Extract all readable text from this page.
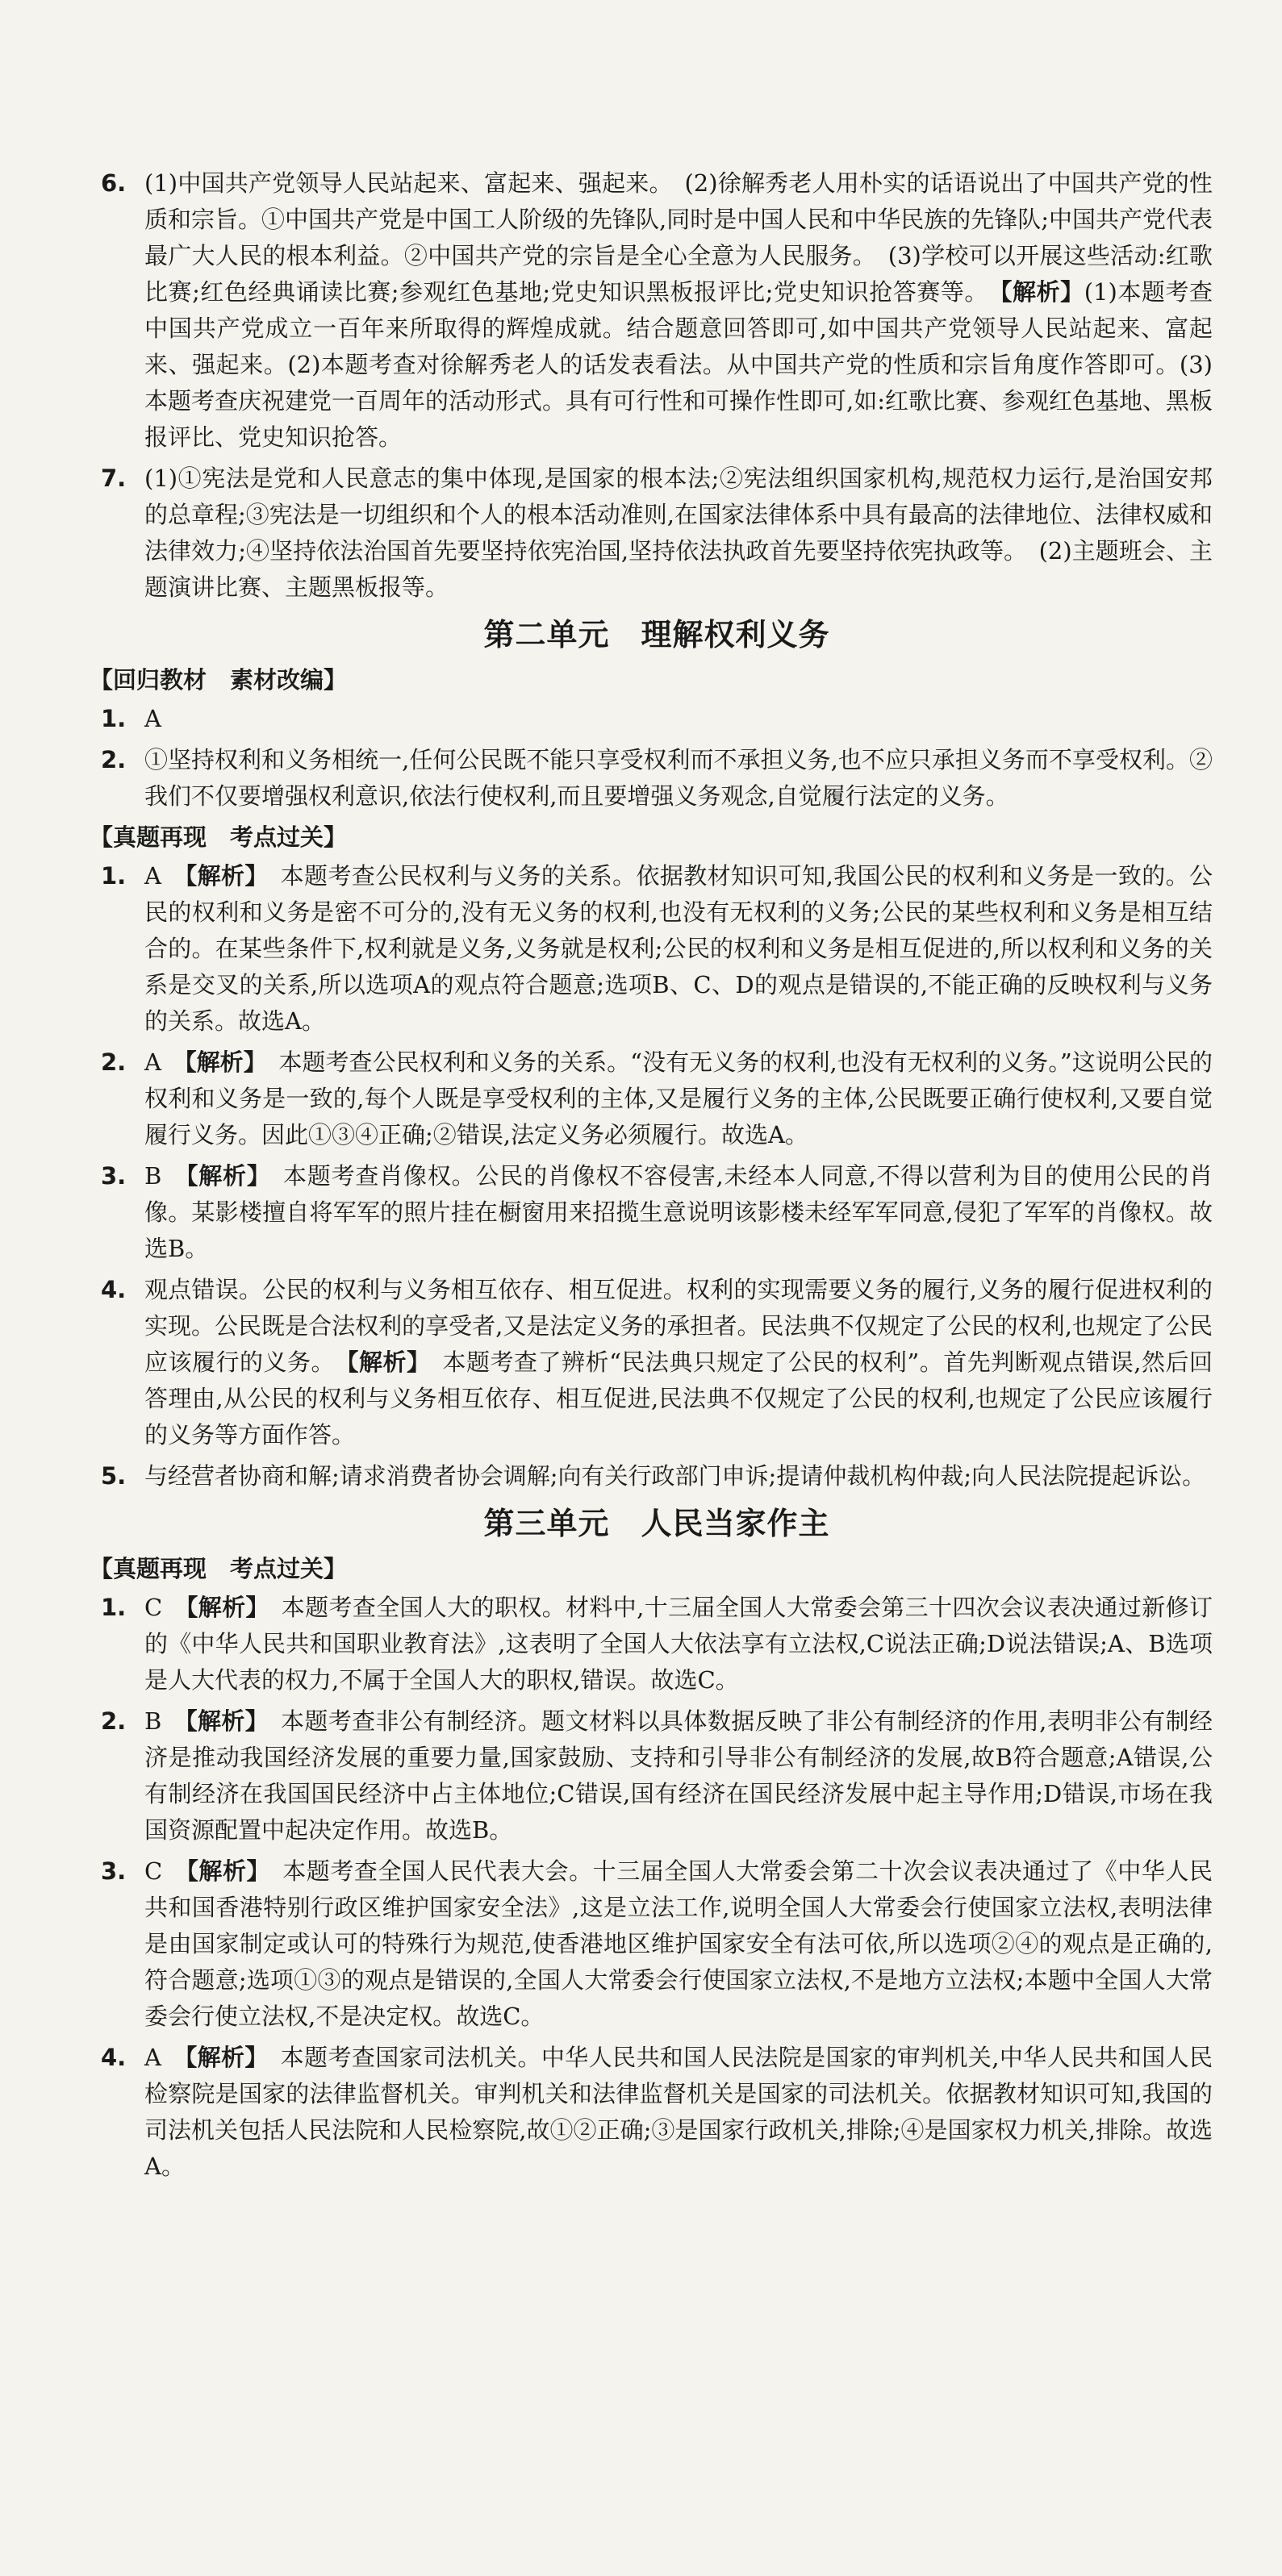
6. (1)中国共产党领导人民站起来、富起来、强起来。　(2)徐解秀老人用朴实的话语说出了中国共产党的性质和宗旨。①中国共产党是中国工人阶级的先锋队,同时是中国人民和中华民族的先锋队;中国共产党代表最广大人民的根本利益。②中国共产党的宗旨是全心全意为人民服务。　(3)学校可以开展这些活动:红歌比赛;红色经典诵读比赛;参观红色基地;党史知识黑板报评比;党史知识抢答赛等。　【解析】(1)本题考查中国共产党成立一百年来所取得的辉煌成就。结合题意回答即可,如中国共产党领导人民站起来、富起来、强起来。(2)本题考查对徐解秀老人的话发表看法。从中国共产党的性质和宗旨角度作答即可。(3)本题考查庆祝建党一百周年的活动形式。具有可行性和可操作性即可,如:红歌比赛、参观红色基地、黑板报评比、党史知识抢答。
7. (1)①宪法是党和人民意志的集中体现,是国家的根本法;②宪法组织国家机构,规范权力运行,是治国安邦的总章程;③宪法是一切组织和个人的根本活动准则,在国家法律体系中具有最高的法律地位、法律权威和法律效力;④坚持依法治国首先要坚持依宪治国,坚持依法执政首先要坚持依宪执政等。　(2)主题班会、主题演讲比赛、主题黑板报等。
第二单元　理解权利义务
【回归教材　素材改编】
1. A
2. ①坚持权利和义务相统一,任何公民既不能只享受权利而不承担义务,也不应只承担义务而不享受权利。②我们不仅要增强权利意识,依法行使权利,而且要增强义务观念,自觉履行法定的义务。
【真题再现　考点过关】
1. A　【解析】　本题考查公民权利与义务的关系。依据教材知识可知,我国公民的权利和义务是一致的。公民的权利和义务是密不可分的,没有无义务的权利,也没有无权利的义务;公民的某些权利和义务是相互结合的。在某些条件下,权利就是义务,义务就是权利;公民的权利和义务是相互促进的,所以权利和义务的关系是交叉的关系,所以选项A的观点符合题意;选项B、C、D的观点是错误的,不能正确的反映权利与义务的关系。故选A。
2. A　【解析】　本题考查公民权利和义务的关系。“没有无义务的权利,也没有无权利的义务。”这说明公民的权利和义务是一致的,每个人既是享受权利的主体,又是履行义务的主体,公民既要正确行使权利,又要自觉履行义务。因此①③④正确;②错误,法定义务必须履行。故选A。
3. B　【解析】　本题考查肖像权。公民的肖像权不容侵害,未经本人同意,不得以营利为目的使用公民的肖像。某影楼擅自将军军的照片挂在橱窗用来招揽生意说明该影楼未经军军同意,侵犯了军军的肖像权。故选B。
4. 观点错误。公民的权利与义务相互依存、相互促进。权利的实现需要义务的履行,义务的履行促进权利的实现。公民既是合法权利的享受者,又是法定义务的承担者。民法典不仅规定了公民的权利,也规定了公民应该履行的义务。　【解析】　本题考查了辨析“民法典只规定了公民的权利”。首先判断观点错误,然后回答理由,从公民的权利与义务相互依存、相互促进,民法典不仅规定了公民的权利,也规定了公民应该履行的义务等方面作答。
5. 与经营者协商和解;请求消费者协会调解;向有关行政部门申诉;提请仲裁机构仲裁;向人民法院提起诉讼。
第三单元　人民当家作主
【真题再现　考点过关】
1. C　【解析】　本题考查全国人大的职权。材料中,十三届全国人大常委会第三十四次会议表决通过新修订的《中华人民共和国职业教育法》,这表明了全国人大依法享有立法权,C说法正确;D说法错误;A、B选项是人大代表的权力,不属于全国人大的职权,错误。故选C。
2. B　【解析】　本题考查非公有制经济。题文材料以具体数据反映了非公有制经济的作用,表明非公有制经济是推动我国经济发展的重要力量,国家鼓励、支持和引导非公有制经济的发展,故B符合题意;A错误,公有制经济在我国国民经济中占主体地位;C错误,国有经济在国民经济发展中起主导作用;D错误,市场在我国资源配置中起决定作用。故选B。
3. C　【解析】　本题考查全国人民代表大会。十三届全国人大常委会第二十次会议表决通过了《中华人民共和国香港特别行政区维护国家安全法》,这是立法工作,说明全国人大常委会行使国家立法权,表明法律是由国家制定或认可的特殊行为规范,使香港地区维护国家安全有法可依,所以选项②④的观点是正确的,符合题意;选项①③的观点是错误的,全国人大常委会行使国家立法权,不是地方立法权;本题中全国人大常委会行使立法权,不是决定权。故选C。
4. A　【解析】　本题考查国家司法机关。中华人民共和国人民法院是国家的审判机关,中华人民共和国人民检察院是国家的法律监督机关。审判机关和法律监督机关是国家的司法机关。依据教材知识可知,我国的司法机关包括人民法院和人民检察院,故①②正确;③是国家行政机关,排除;④是国家权力机关,排除。故选A。
